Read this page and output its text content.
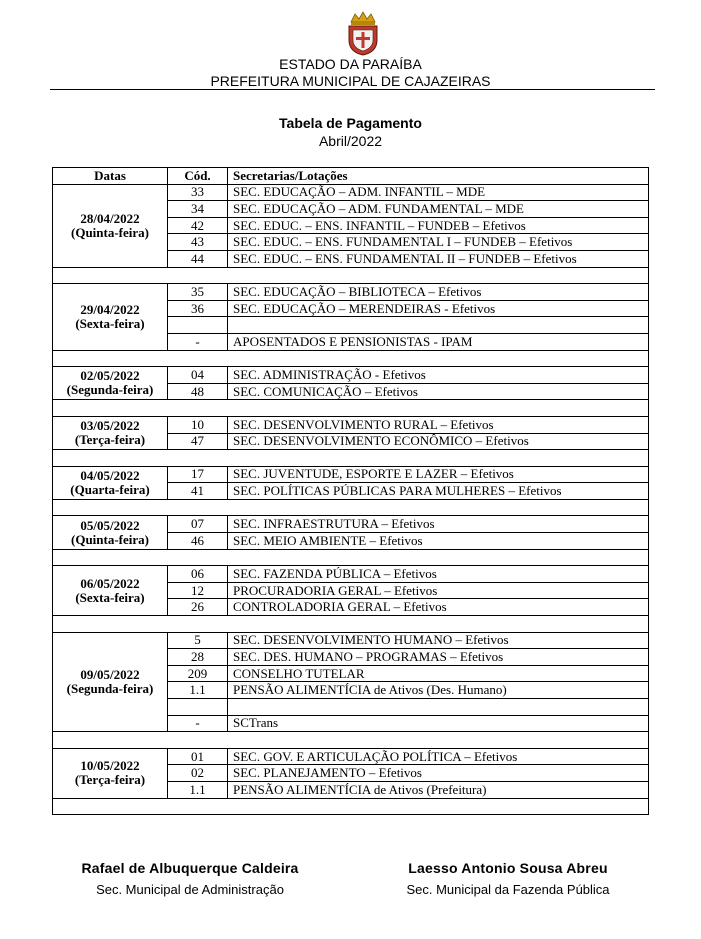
ESTADO DA PARAÍBA
PREFEITURA MUNICIPAL DE CAJAZEIRAS
Tabela de Pagamento
Abril/2022
Datas	Cód.	Secretarias/Lotações

28/04/2022
(Quinta-feira)	33	SEC. EDUCAÇÃO – ADM. INFANTIL – MDE
	34	SEC. EDUCAÇÃO – ADM. FUNDAMENTAL – MDE
	42	SEC. EDUC. – ENS. INFANTIL – FUNDEB – Efetivos
	43	SEC. EDUC. – ENS. FUNDAMENTAL I – FUNDEB – Efetivos
	44	SEC. EDUC. – ENS. FUNDAMENTAL II – FUNDEB – Efetivos

29/04/2022
(Sexta-feira)	35	SEC. EDUCAÇÃO – BIBLIOTECA – Efetivos
	36	SEC. EDUCAÇÃO – MERENDEIRAS - Efetivos

	-	APOSENTADOS E PENSIONISTAS - IPAM

02/05/2022
(Segunda-feira)	04	SEC. ADMINISTRAÇÃO - Efetivos
	48	SEC. COMUNICAÇÃO – Efetivos

03/05/2022
(Terça-feira)	10	SEC. DESENVOLVIMENTO RURAL – Efetivos
	47	SEC. DESENVOLVIMENTO ECONÔMICO – Efetivos

04/05/2022
(Quarta-feira)	17	SEC. JUVENTUDE, ESPORTE E LAZER – Efetivos
	41	SEC. POLÍTICAS PÚBLICAS PARA MULHERES – Efetivos

05/05/2022
(Quinta-feira)	07	SEC. INFRAESTRUTURA – Efetivos
	46	SEC. MEIO AMBIENTE – Efetivos

06/05/2022
(Sexta-feira)	06	SEC. FAZENDA PÚBLICA – Efetivos
	12	PROCURADORIA GERAL – Efetivos
	26	CONTROLADORIA GERAL – Efetivos

09/05/2022
(Segunda-feira)	5	SEC. DESENVOLVIMENTO HUMANO – Efetivos
	28	SEC. DES. HUMANO – PROGRAMAS – Efetivos
	209	CONSELHO TUTELAR
	1.1	PENSÃO ALIMENTÍCIA de Ativos (Des. Humano)

	-	SCTrans

10/05/2022
(Terça-feira)	01	SEC. GOV. E ARTICULAÇÃO POLÍTICA – Efetivos
	02	SEC. PLANEJAMENTO – Efetivos
	1.1	PENSÃO ALIMENTÍCIA de Ativos (Prefeitura)

Rafael de Albuquerque Caldeira
Sec. Municipal de Administração
Laesso Antonio Sousa Abreu
Sec. Municipal da Fazenda Pública
